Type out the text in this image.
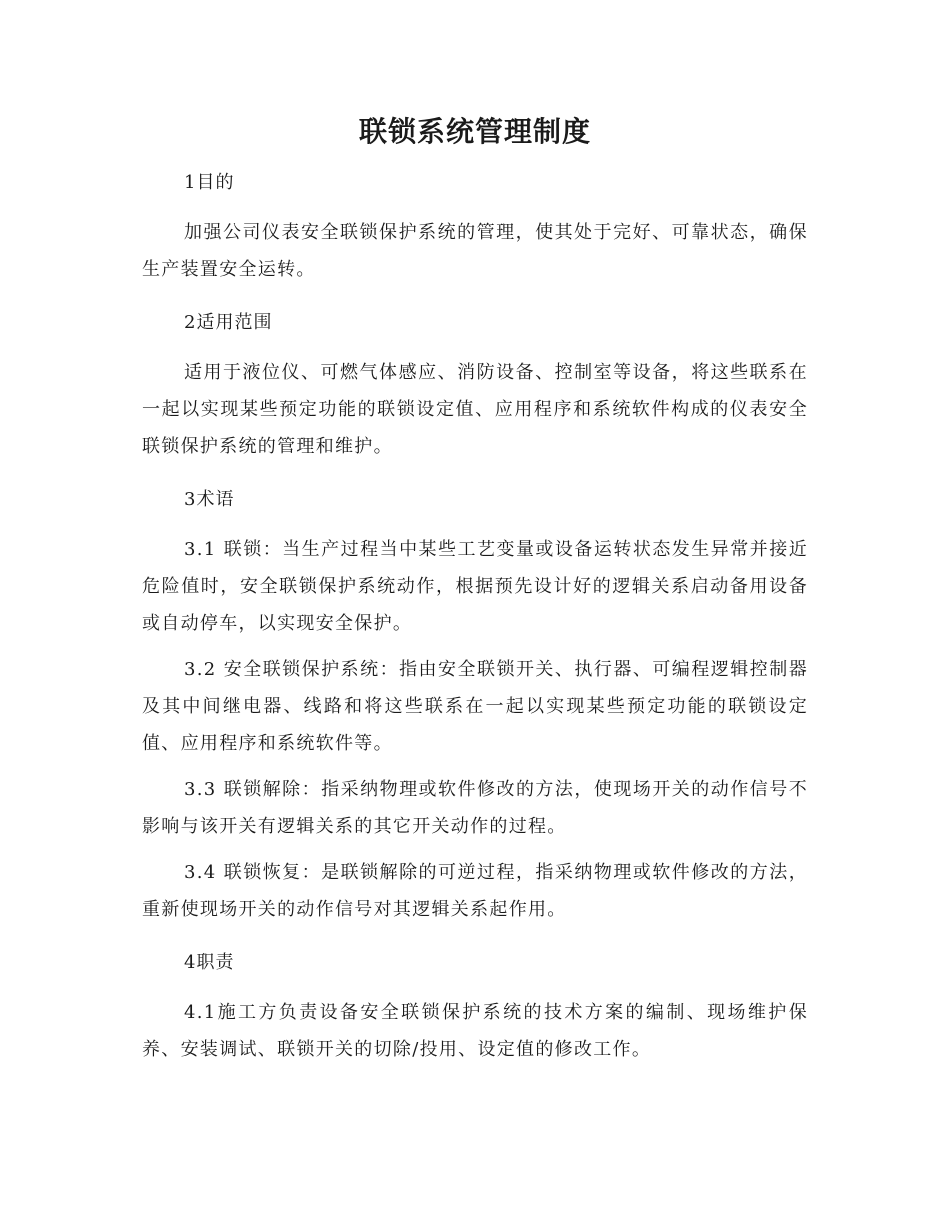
联锁系统管理制度

1目的

加强公司仪表安全联锁保护系统的管理，使其处于完好、可靠状态，确保生产装置安全运转。

2适用范围

适用于液位仪、可燃气体感应、消防设备、控制室等设备，将这些联系在一起以实现某些预定功能的联锁设定值、应用程序和系统软件构成的仪表安全联锁保护系统的管理和维护。

3术语

3.1 联锁：当生产过程当中某些工艺变量或设备运转状态发生异常并接近危险值时，安全联锁保护系统动作，根据预先设计好的逻辑关系启动备用设备或自动停车，以实现安全保护。

3.2 安全联锁保护系统：指由安全联锁开关、执行器、可编程逻辑控制器及其中间继电器、线路和将这些联系在一起以实现某些预定功能的联锁设定值、应用程序和系统软件等。

3.3 联锁解除：指采纳物理或软件修改的方法，使现场开关的动作信号不影响与该开关有逻辑关系的其它开关动作的过程。

3.4 联锁恢复：是联锁解除的可逆过程，指采纳物理或软件修改的方法，重新使现场开关的动作信号对其逻辑关系起作用。

4职责

4.1施工方负责设备安全联锁保护系统的技术方案的编制、现场维护保养、安装调试、联锁开关的切除/投用、设定值的修改工作。
